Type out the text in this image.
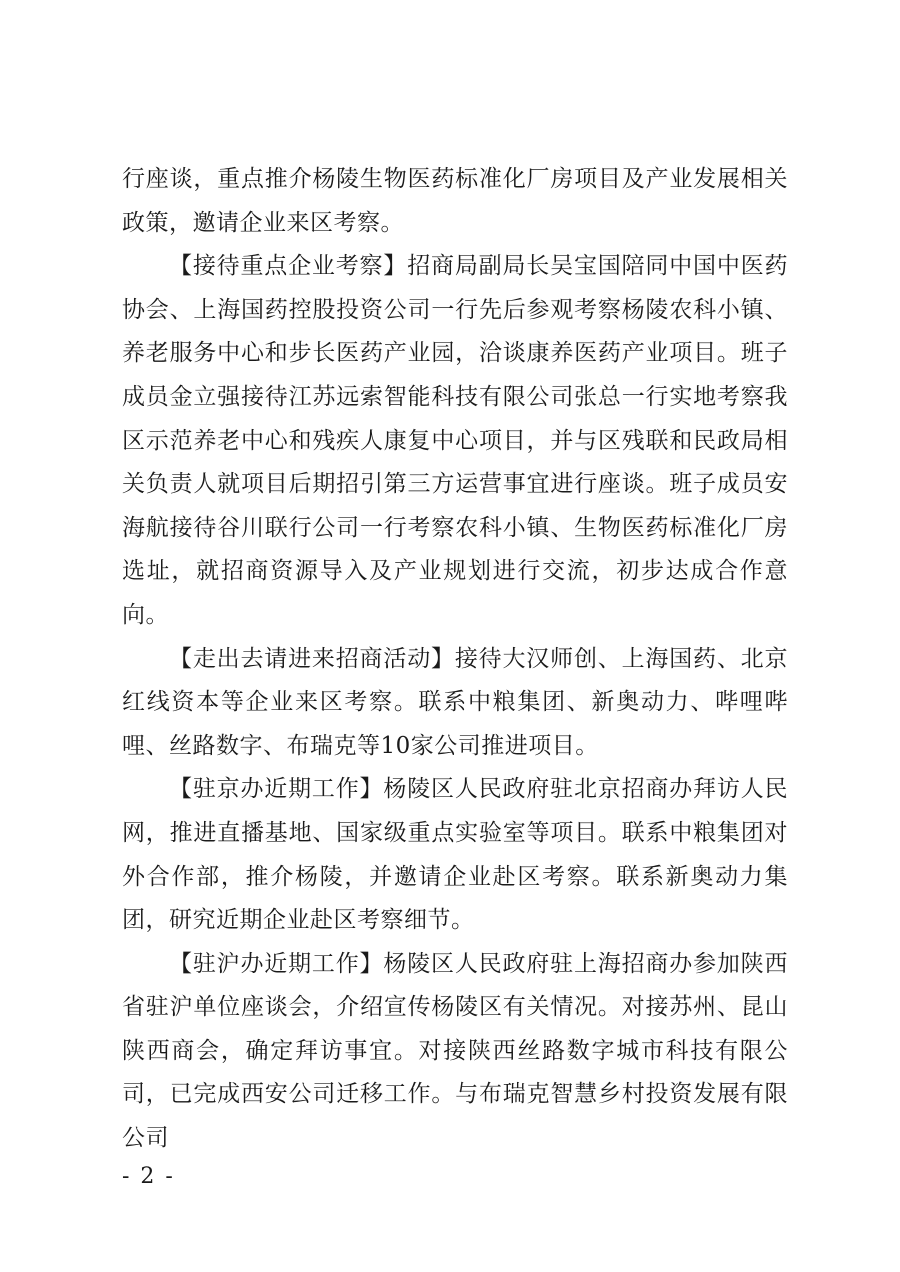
行座谈，重点推介杨陵生物医药标准化厂房项目及产业发展相关政策，邀请企业来区考察。

【接待重点企业考察】招商局副局长吴宝国陪同中国中医药协会、上海国药控股投资公司一行先后参观考察杨陵农科小镇、养老服务中心和步长医药产业园，洽谈康养医药产业项目。班子成员金立强接待江苏远索智能科技有限公司张总一行实地考察我区示范养老中心和残疾人康复中心项目，并与区残联和民政局相关负责人就项目后期招引第三方运营事宜进行座谈。班子成员安海航接待谷川联行公司一行考察农科小镇、生物医药标准化厂房选址，就招商资源导入及产业规划进行交流，初步达成合作意向。

【走出去请进来招商活动】接待大汉师创、上海国药、北京红线资本等企业来区考察。联系中粮集团、新奥动力、哔哩哔哩、丝路数字、布瑞克等10家公司推进项目。

【驻京办近期工作】杨陵区人民政府驻北京招商办拜访人民网，推进直播基地、国家级重点实验室等项目。联系中粮集团对外合作部，推介杨陵，并邀请企业赴区考察。联系新奥动力集团，研究近期企业赴区考察细节。

【驻沪办近期工作】杨陵区人民政府驻上海招商办参加陕西省驻沪单位座谈会，介绍宣传杨陵区有关情况。对接苏州、昆山陕西商会，确定拜访事宜。对接陕西丝路数字城市科技有限公司，已完成西安公司迁移工作。与布瑞克智慧乡村投资发展有限公司

- 2 -
